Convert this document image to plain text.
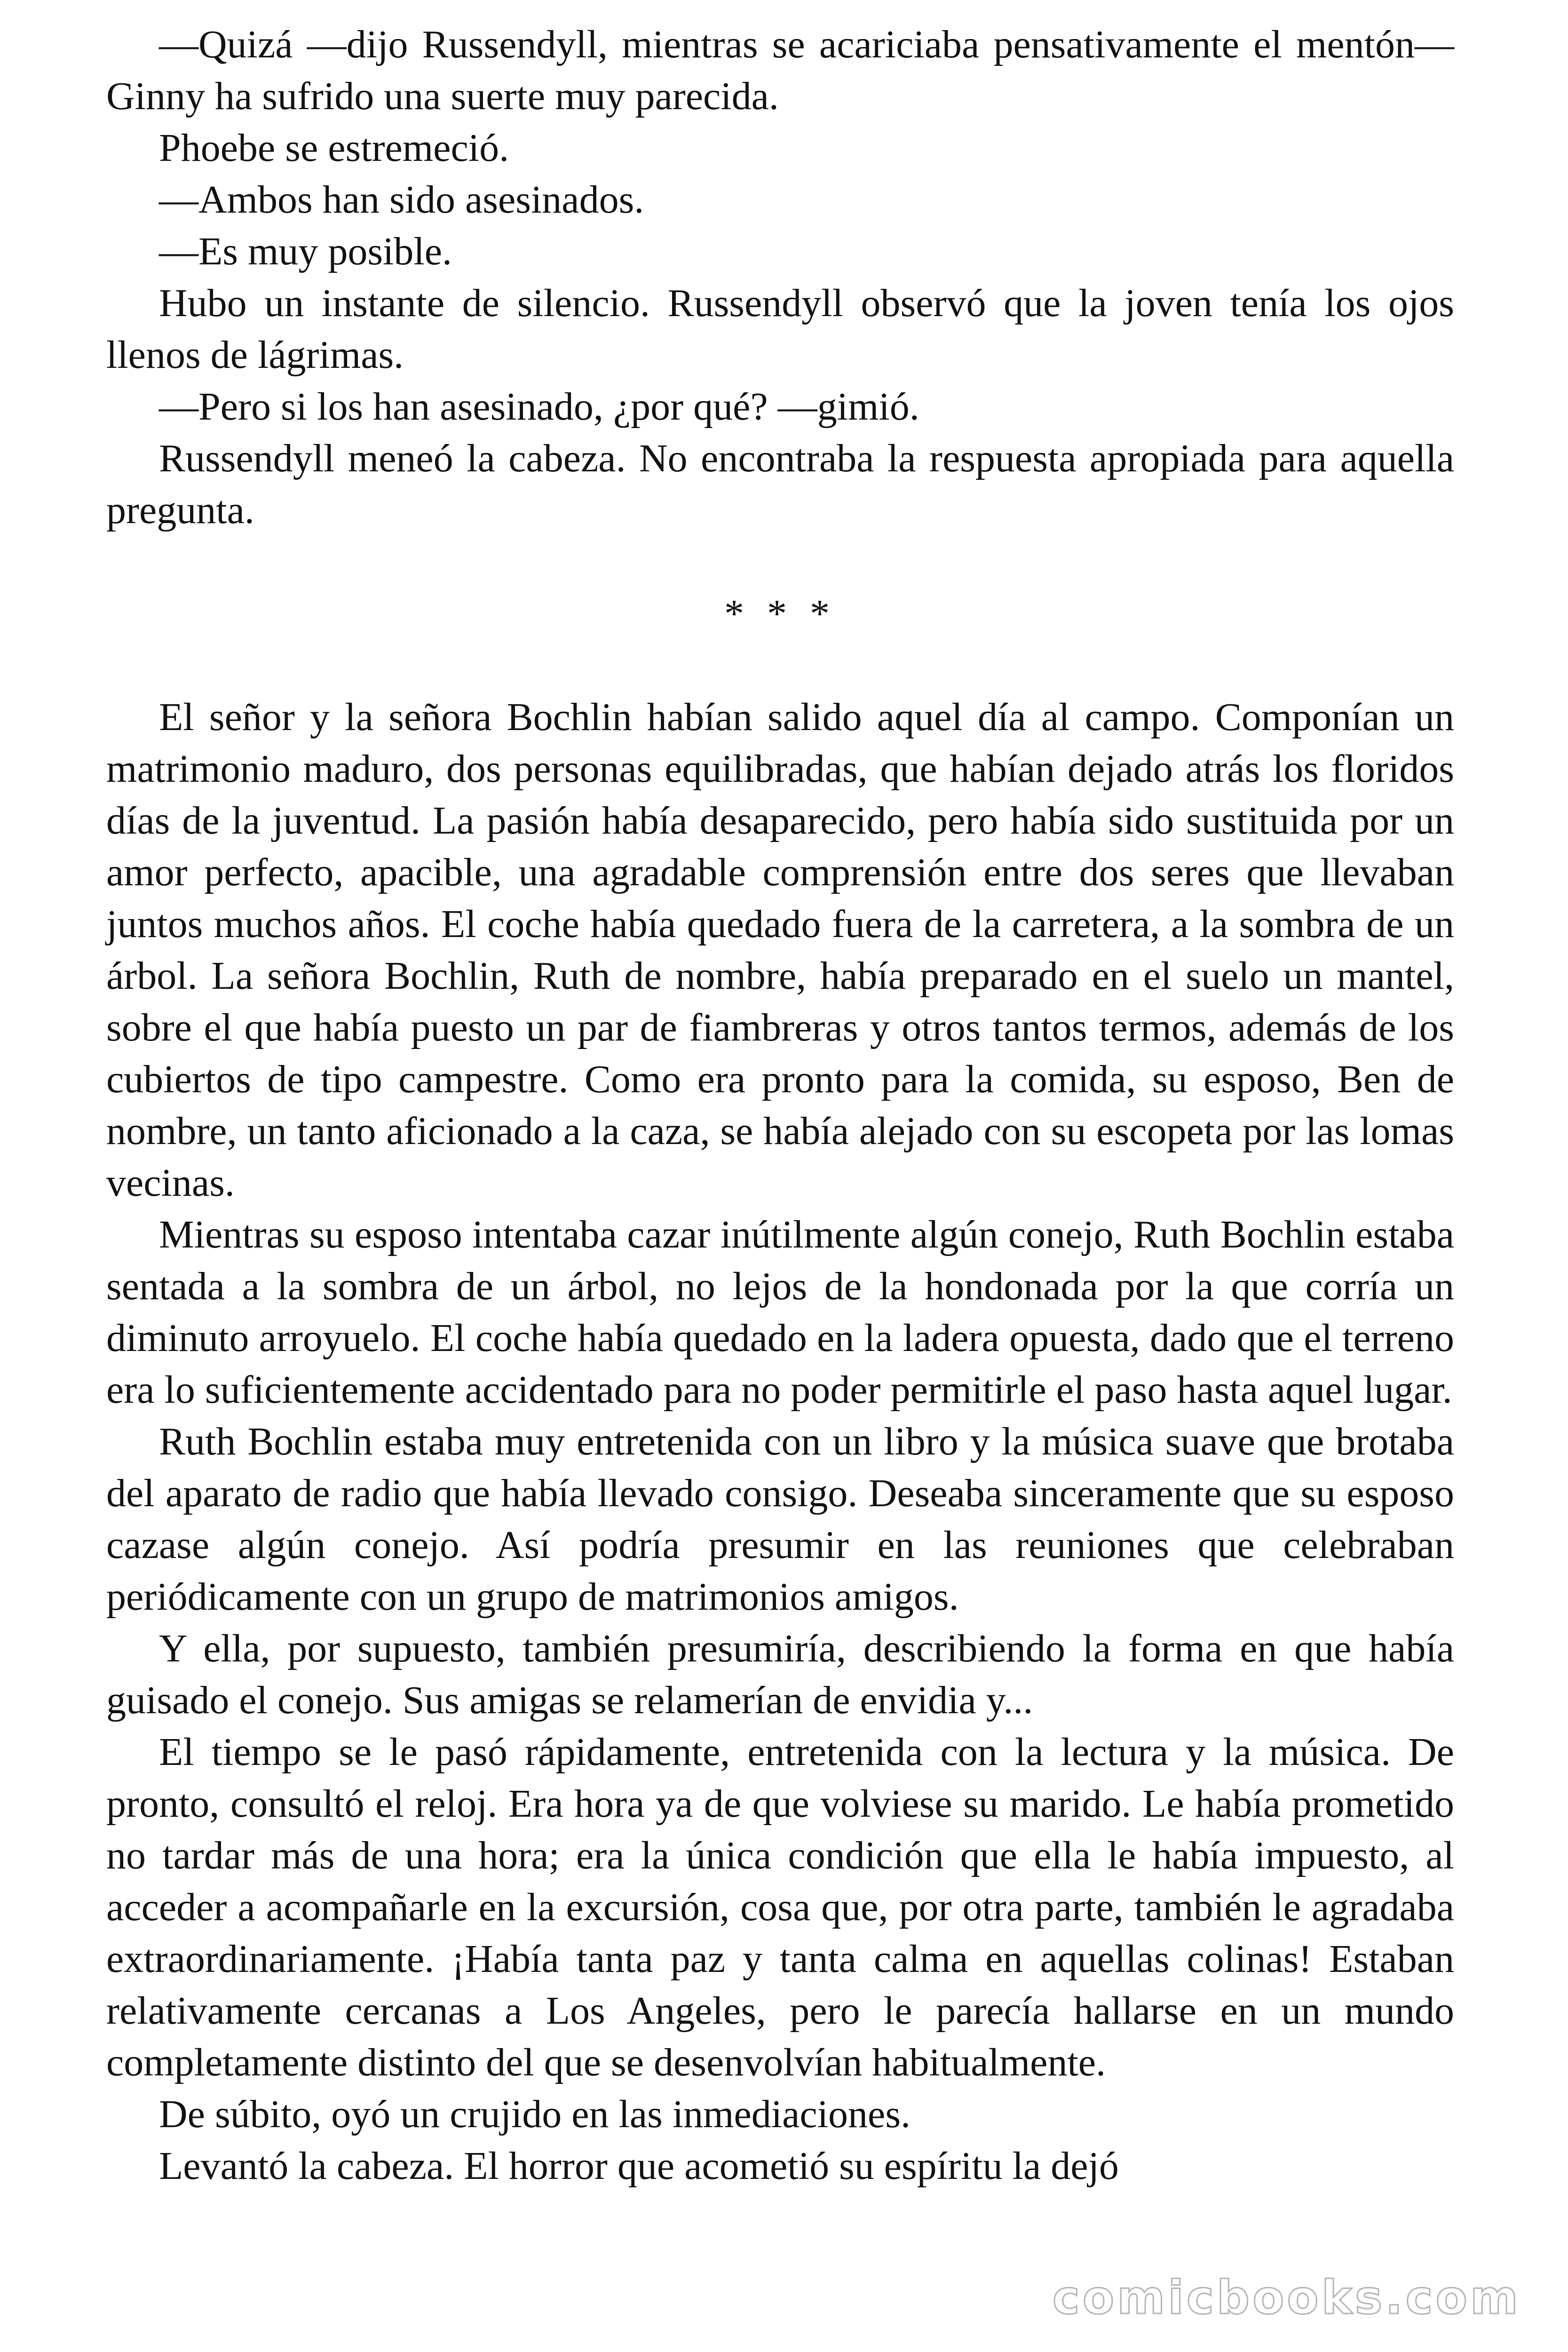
—Quizá —dijo Russendyll, mientras se acariciaba pensativamente el mentón— Ginny ha sufrido una suerte muy parecida.

Phoebe se estremeció.

—Ambos han sido asesinados.

—Es muy posible.

Hubo un instante de silencio. Russendyll observó que la joven tenía los ojos llenos de lágrimas.

—Pero si los han asesinado, ¿por qué? —gimió.

Russendyll meneó la cabeza. No encontraba la respuesta apropiada para aquella pregunta.

* * *

El señor y la señora Bochlin habían salido aquel día al campo. Componían un matrimonio maduro, dos personas equilibradas, que habían dejado atrás los floridos días de la juventud. La pasión había desaparecido, pero había sido sustituida por un amor perfecto, apacible, una agradable comprensión entre dos seres que llevaban juntos muchos años. El coche había quedado fuera de la carretera, a la sombra de un árbol. La señora Bochlin, Ruth de nombre, había preparado en el suelo un mantel, sobre el que había puesto un par de fiambreras y otros tantos termos, además de los cubiertos de tipo campestre. Como era pronto para la comida, su esposo, Ben de nombre, un tanto aficionado a la caza, se había alejado con su escopeta por las lomas vecinas.

Mientras su esposo intentaba cazar inútilmente algún conejo, Ruth Bochlin estaba sentada a la sombra de un árbol, no lejos de la hondonada por la que corría un diminuto arroyuelo. El coche había quedado en la ladera opuesta, dado que el terreno era lo suficientemente accidentado para no poder permitirle el paso hasta aquel lugar.

Ruth Bochlin estaba muy entretenida con un libro y la música suave que brotaba del aparato de radio que había llevado consigo. Deseaba sinceramente que su esposo cazase algún conejo. Así podría presumir en las reuniones que celebraban periódicamente con un grupo de matrimonios amigos.

Y ella, por supuesto, también presumiría, describiendo la forma en que había guisado el conejo. Sus amigas se relamerían de envidia y...

El tiempo se le pasó rápidamente, entretenida con la lectura y la música. De pronto, consultó el reloj. Era hora ya de que volviese su marido. Le había prometido no tardar más de una hora; era la única condición que ella le había impuesto, al acceder a acompañarle en la excursión, cosa que, por otra parte, también le agradaba extraordinariamente. ¡Había tanta paz y tanta calma en aquellas colinas! Estaban relativamente cercanas a Los Angeles, pero le parecía hallarse en un mundo completamente distinto del que se desenvolvían habitualmente.

De súbito, oyó un crujido en las inmediaciones.

Levantó la cabeza. El horror que acometió su espíritu la dejó

comicbooks.com
